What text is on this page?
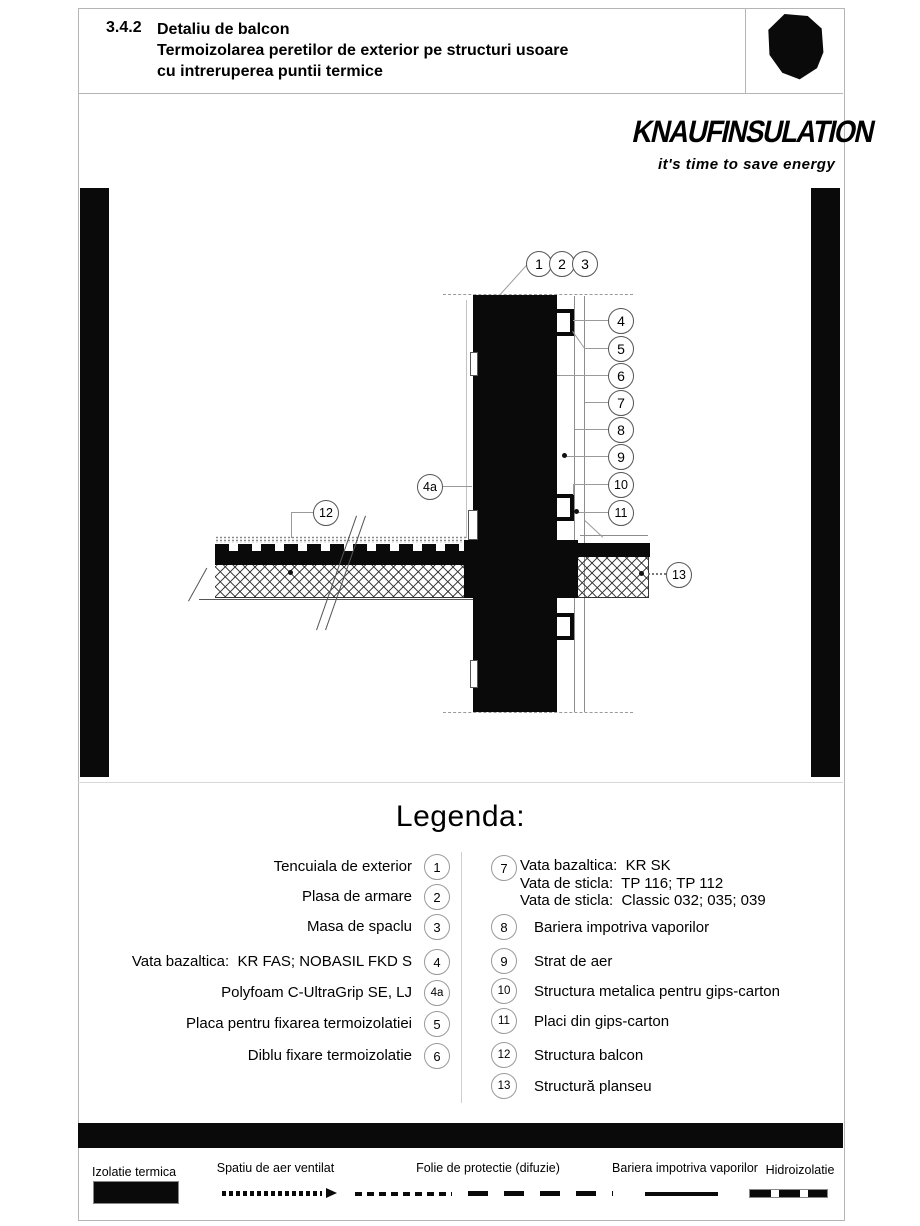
3.4.2 Detaliu de balcon
Termoizolarea peretilor de exterior pe structuri usoare
cu intreruperea puntii termice
KNAUFINSULATION
it's time to save energy
1 2 3
4
5
6
7
8
9
10
11
4a
12
13
Legenda:
Tencuiala de exterior 1
Plasa de armare 2
Masa de spaclu 3
Vata bazaltica:  KR FAS; NOBASIL FKD S 4
Polyfoam C-UltraGrip SE, LJ 4a
Placa pentru fixarea termoizolatiei 5
Diblu fixare termoizolatie 6
7 Vata bazaltica:  KR SK
Vata de sticla:  TP 116; TP 112
Vata de sticla:  Classic 032; 035; 039
8 Bariera impotriva vaporilor
9 Strat de aer
10 Structura metalica pentru gips-carton
11 Placi din gips-carton
12 Structura balcon
13 Structură planseu
Izolatie termica	Spatiu de aer ventilat	Folie de protectie (difuzie)	Bariera impotriva vaporilor Hidroizolatie
